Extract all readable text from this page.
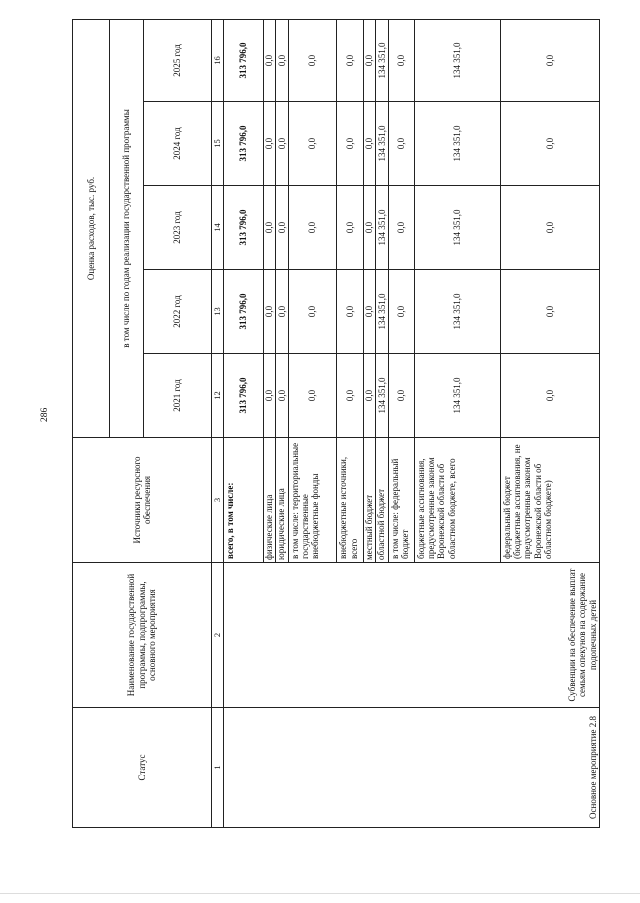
286
Статус	Наименование государственной программы, подпрограммы, основного мероприятия	Источники ресурсного обеспечения	Оценка расходов, тыс. руб.				
			в том числе по годам реализации государственной программы				
			2021 год	2022 год	2023 год	2024 год	2025 год
1	2	3	12	13	14	15	16
Основное мероприятие 2.8	Субвенции на обеспечение выплат семьям опекунов на содержание подопечных детей	всего, в том числе:	313 796,0	313 796,0	313 796,0	313 796,0	313 796,0
		физические лица	0,0	0,0	0,0	0,0	0,0
		юридические лица	0,0	0,0	0,0	0,0	0,0
		в том числе: территориальные государственные внебюджетные фонды	0,0	0,0	0,0	0,0	0,0
		внебюджетные источники, всего	0,0	0,0	0,0	0,0	0,0
		местный бюджет	0,0	0,0	0,0	0,0	0,0
		областной бюджет	134 351,0	134 351,0	134 351,0	134 351,0	134 351,0
		в том числе: федеральный бюджет	0,0	0,0	0,0	0,0	0,0
		бюджетные ассигнования, предусмотренные законом Воронежской области об областном бюджете, всего	134 351,0	134 351,0	134 351,0	134 351,0	134 351,0
		федеральный бюджет (бюджетные ассигнования, не предусмотренные законом Воронежской области об областном бюджете)	0,0	0,0	0,0	0,0	0,0
